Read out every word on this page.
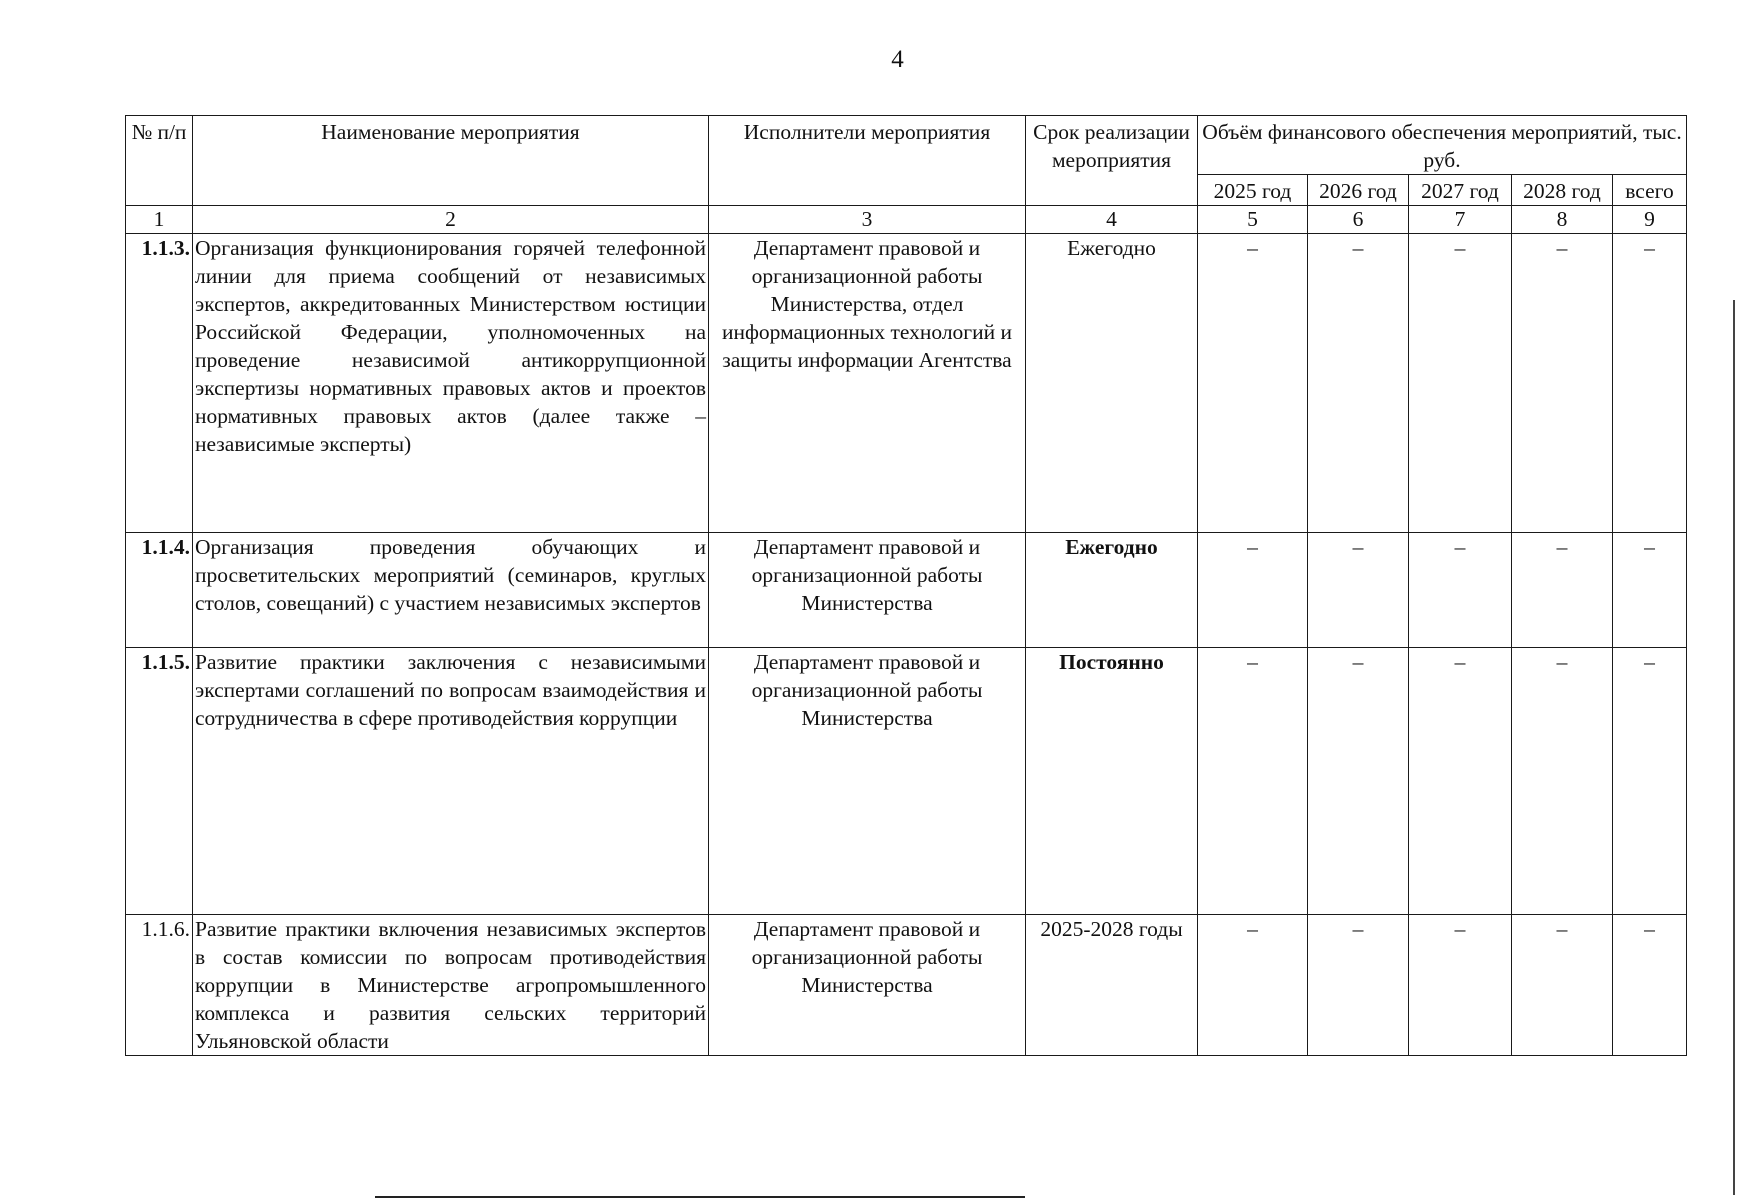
4
№ п/п	Наименование мероприятия	Исполнители мероприятия	Срок реализации мероприятия	Объём финансового обеспечения мероприятий, тыс. руб.				
				2025 год	2026 год	2027 год	2028 год	всего
1	2	3	4	5	6	7	8	9
1.1.3.	Организация функционирования горячей телефонной линии для приема сообщений от независимых экспертов, аккредитованных Министерством юстиции Российской Федерации, уполномоченных на проведение независимой антикоррупционной экспертизы нормативных правовых актов и проектов нормативных правовых актов (далее также – независимые эксперты)	Департамент правовой и организационной работы Министерства, отдел информационных технологий и защиты информации Агентства	Ежегодно	–	–	–	–	–
1.1.4.	Организация проведения обучающих и просветительских мероприятий (семинаров, круглых столов, совещаний) с участием независимых экспертов	Департамент правовой и организационной работы Министерства	Ежегодно	–	–	–	–	–
1.1.5.	Развитие практики заключения с независимыми экспертами соглашений по вопросам взаимодействия и сотрудничества в сфере противодействия коррупции	Департамент правовой и организационной работы Министерства	Постоянно	–	–	–	–	–
1.1.6.	Развитие практики включения независимых экспертов в состав комиссии по вопросам противодействия коррупции в Министерстве агропромышленного комплекса и развития сельских территорий Ульяновской области	Департамент правовой и организационной работы Министерства	2025-2028 годы	–	–	–	–	–
